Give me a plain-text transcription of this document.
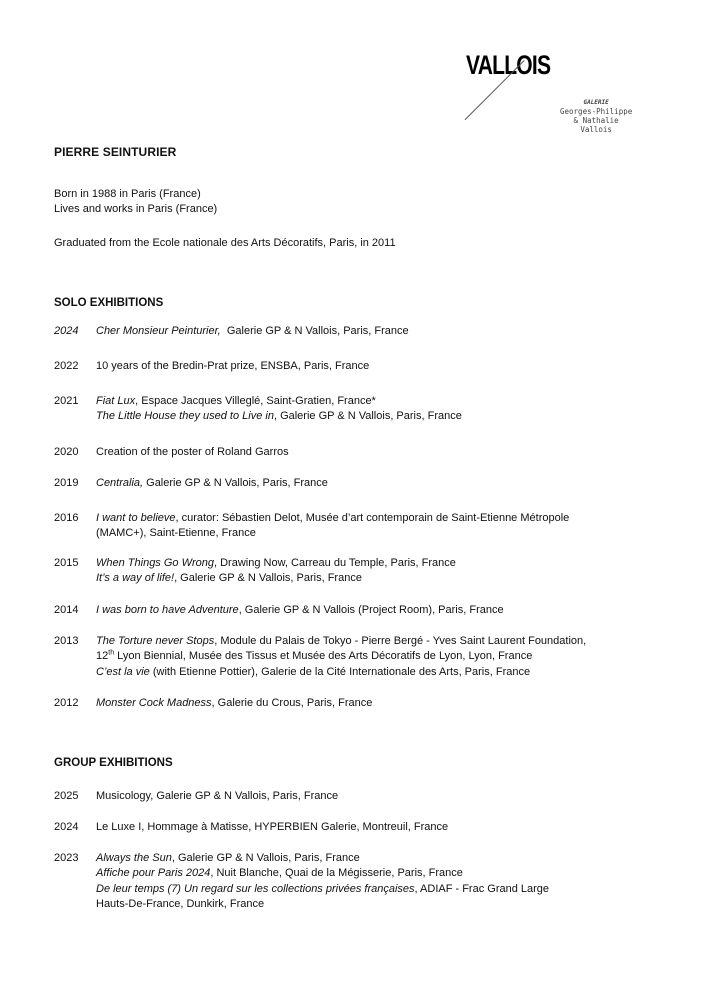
VALLOIS
GALERIE
Georges-Philippe
& Nathalie
Vallois
PIERRE SEINTURIER
Born in 1988 in Paris (France)
Lives and works in Paris (France)
Graduated from the Ecole nationale des Arts Décoratifs, Paris, in 2011
SOLO EXHIBITIONS
2024	Cher Monsieur Peinturier,  Galerie GP & N Vallois, Paris, France
2022	10 years of the Bredin-Prat prize, ENSBA, Paris, France
2021	Fiat Lux, Espace Jacques Villeglé, Saint-Gratien, France*
The Little House they used to Live in, Galerie GP & N Vallois, Paris, France
2020	Creation of the poster of Roland Garros
2019	Centralia, Galerie GP & N Vallois, Paris, France
2016	I want to believe, curator: Sébastien Delot, Musée d’art contemporain de Saint-Etienne Métropole
(MAMC+), Saint-Etienne, France
2015	When Things Go Wrong, Drawing Now, Carreau du Temple, Paris, France
It’s a way of life!, Galerie GP & N Vallois, Paris, France
2014	I was born to have Adventure, Galerie GP & N Vallois (Project Room), Paris, France
2013	The Torture never Stops, Module du Palais de Tokyo - Pierre Bergé - Yves Saint Laurent Foundation,
12th Lyon Biennial, Musée des Tissus et Musée des Arts Décoratifs de Lyon, Lyon, France
C’est la vie (with Etienne Pottier), Galerie de la Cité Internationale des Arts, Paris, France
2012	Monster Cock Madness, Galerie du Crous, Paris, France
GROUP EXHIBITIONS
2025	Musicology, Galerie GP & N Vallois, Paris, France
2024	Le Luxe I, Hommage à Matisse, HYPERBIEN Galerie, Montreuil, France
2023	Always the Sun, Galerie GP & N Vallois, Paris, France
Affiche pour Paris 2024, Nuit Blanche, Quai de la Mégisserie, Paris, France
De leur temps (7) Un regard sur les collections privées françaises, ADIAF - Frac Grand Large
Hauts-De-France, Dunkirk, France
